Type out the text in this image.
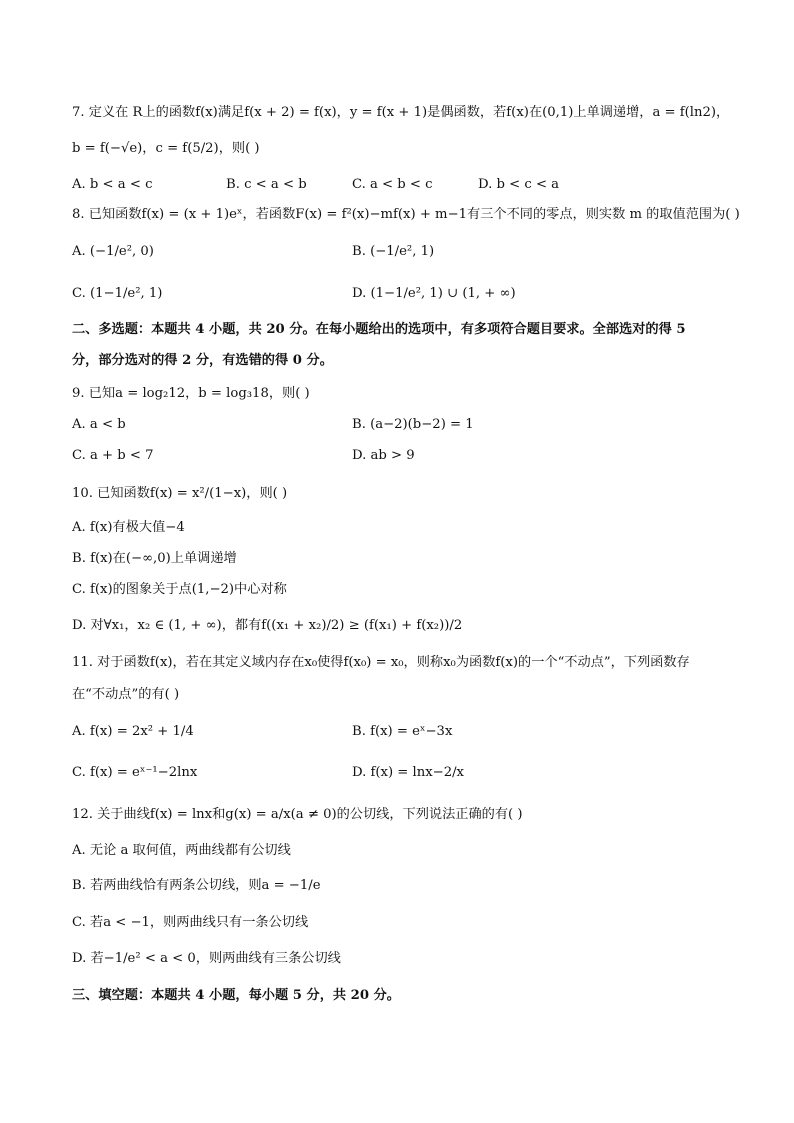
7. 定义在 R上的函数f(x)满足f(x + 2) = f(x)，y = f(x + 1)是偶函数，若f(x)在(0,1)上单调递增，a = f(ln2)，
b = f(−√e)，c = f(5/2)，则( )
A. b < a < c	B. c < a < b	C. a < b < c	D. b < c < a
8. 已知函数f(x) = (x + 1)eˣ，若函数F(x) = f²(x)−mf(x) + m−1有三个不同的零点，则实数 m 的取值范围为( )
A. (−1/e², 0)	B. (−1/e², 1)
C. (1−1/e², 1)	D. (1−1/e², 1) ∪ (1, + ∞)
二、多选题：本题共 4 小题，共 20 分。在每小题给出的选项中，有多项符合题目要求。全部选对的得 5
分，部分选对的得 2 分，有选错的得 0 分。
9. 已知a = log₂12，b = log₃18，则( )
A. a < b	B. (a−2)(b−2) = 1
C. a + b < 7	D. ab > 9
10. 已知函数f(x) = x²/(1−x)，则( )
A. f(x)有极大值−4
B. f(x)在(−∞,0)上单调递增
C. f(x)的图象关于点(1,−2)中心对称
D. 对∀x₁，x₂ ∈ (1, + ∞)，都有f((x₁ + x₂)/2) ≥ (f(x₁) + f(x₂))/2
11. 对于函数f(x)，若在其定义域内存在x₀使得f(x₀) = x₀，则称x₀为函数f(x)的一个“不动点”，下列函数存
在“不动点”的有( )
A. f(x) = 2x² + 1/4	B. f(x) = eˣ−3x
C. f(x) = eˣ⁻¹−2lnx	D. f(x) = lnx−2/x
12. 关于曲线f(x) = lnx和g(x) = a/x(a ≠ 0)的公切线，下列说法正确的有( )
A. 无论 a 取何值，两曲线都有公切线
B. 若两曲线恰有两条公切线，则a = −1/e
C. 若a < −1，则两曲线只有一条公切线
D. 若−1/e² < a < 0，则两曲线有三条公切线
三、填空题：本题共 4 小题，每小题 5 分，共 20 分。
